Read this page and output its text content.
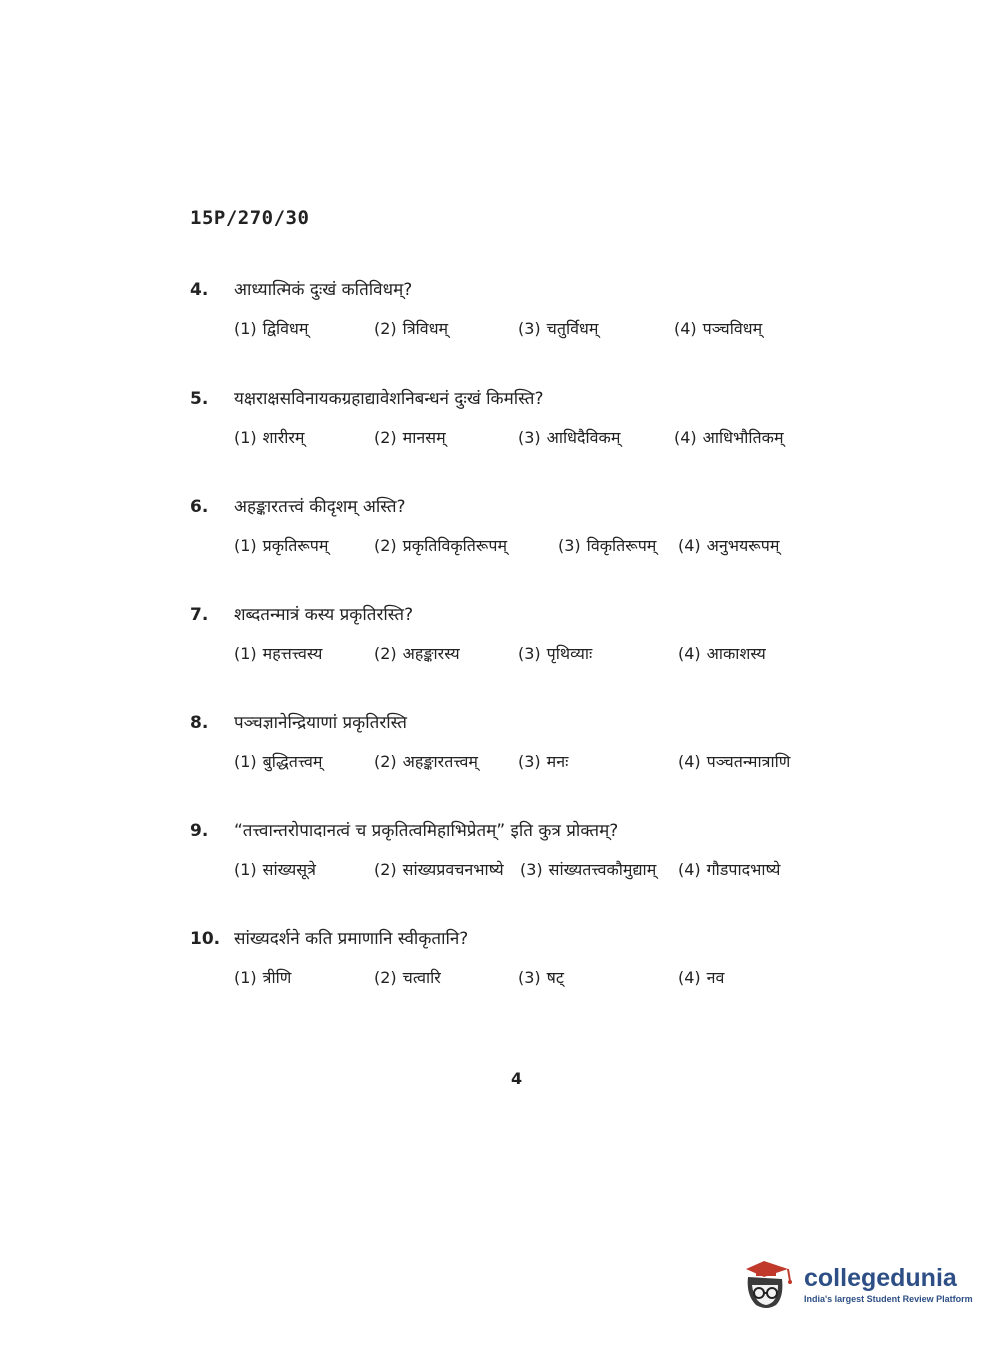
15P/270/30
4.	आध्यात्मिकं दुःखं कतिविधम्?
(1) द्विविधम्	(2) त्रिविधम्	(3) चतुर्विधम्	(4) पञ्चविधम्
5.	यक्षराक्षसविनायकग्रहाद्यावेशनिबन्धनं दुःखं किमस्ति?
(1) शारीरम्	(2) मानसम्	(3) आधिदैविकम्	(4) आधिभौतिकम्
6.	अहङ्कारतत्त्वं कीदृशम् अस्ति?
(1) प्रकृतिरूपम्	(2) प्रकृतिविकृतिरूपम्	(3) विकृतिरूपम् (4) अनुभयरूपम्
7.	शब्दतन्मात्रं कस्य प्रकृतिरस्ति?
(1) महत्तत्त्वस्य	(2) अहङ्कारस्य	(3) पृथिव्याः	(4) आकाशस्य
8.	पञ्चज्ञानेन्द्रियाणां प्रकृतिरस्ति
(1) बुद्धितत्त्वम्	(2) अहङ्कारतत्त्वम्	(3) मनः	(4) पञ्चतन्मात्राणि
9.	“तत्त्वान्तरोपादानत्वं च प्रकृतित्वमिहाभिप्रेतम्” इति कुत्र प्रोक्तम्?
(1) सांख्यसूत्रे	(2) सांख्यप्रवचनभाष्ये (3) सांख्यतत्त्वकौमुद्याम् (4) गौडपादभाष्ये
10. सांख्यदर्शने कति प्रमाणानि स्वीकृतानि?
(1) त्रीणि	(2) चत्वारि	(3) षट्	(4) नव
4
collegedunia
India's largest Student Review Platform
